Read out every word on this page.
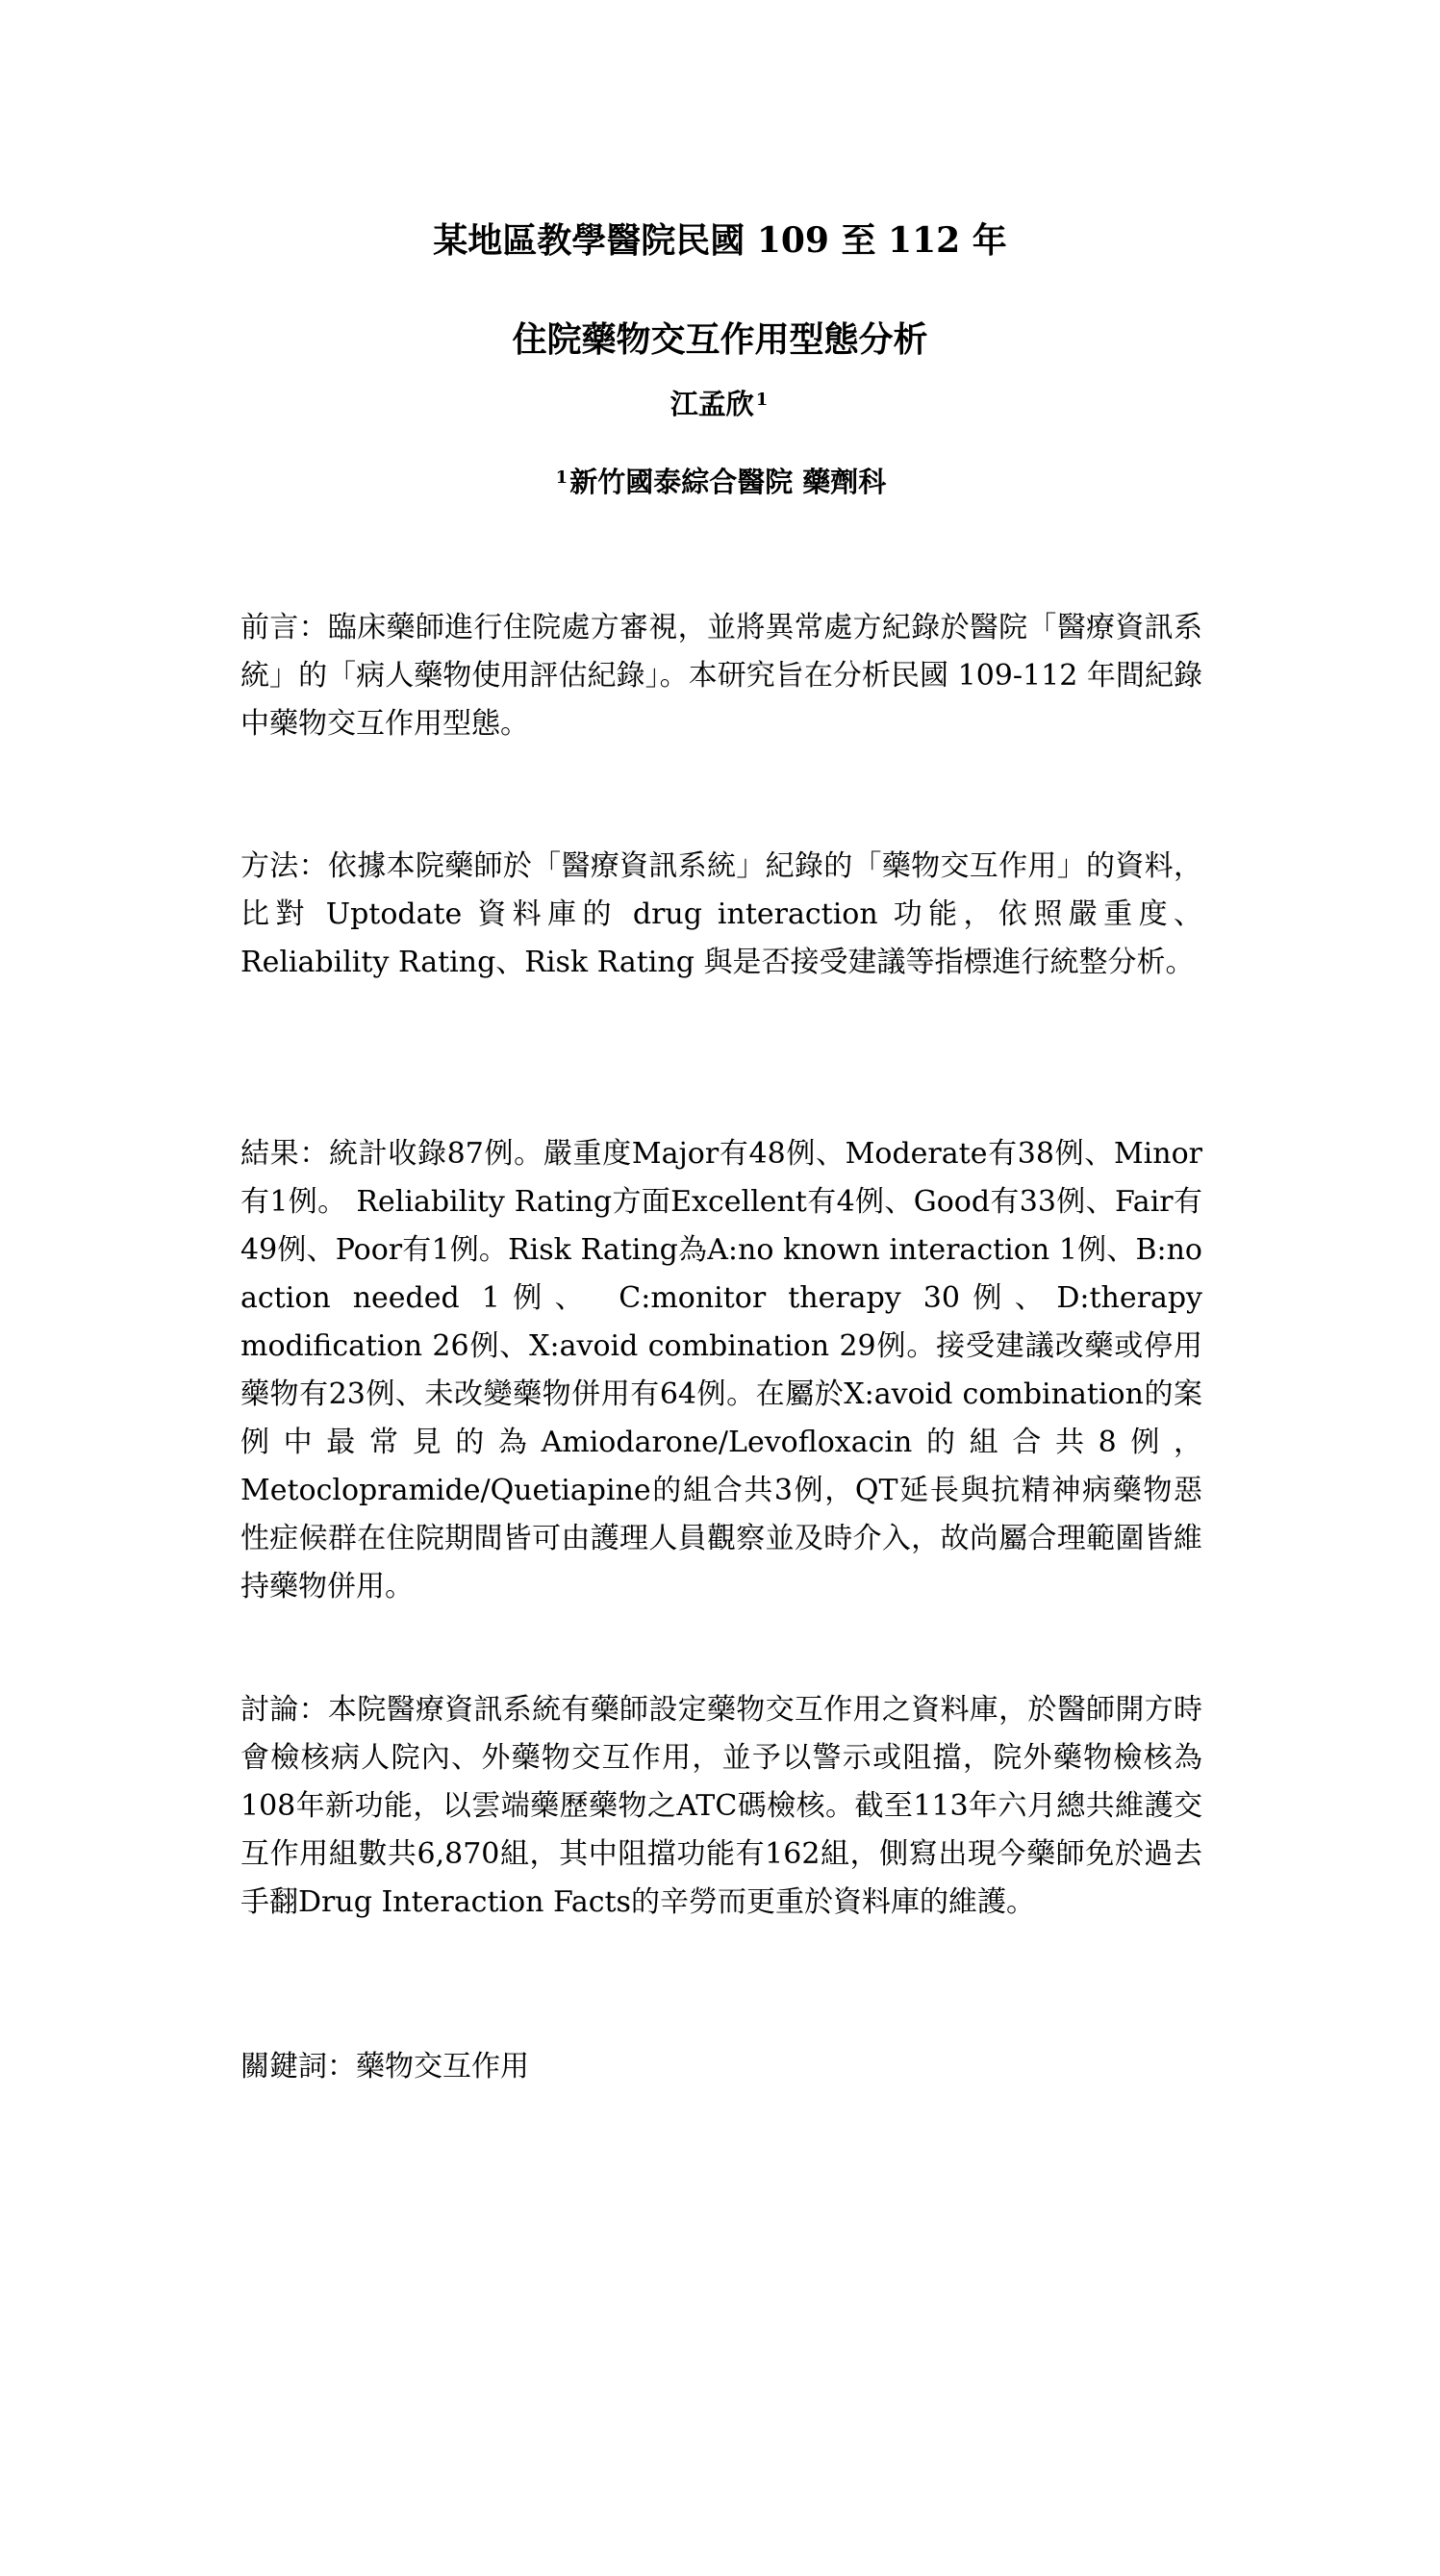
某地區教學醫院民國 109 至 112 年
住院藥物交互作用型態分析

江孟欣 $^1$

$^1$新竹國泰綜合醫院 藥劑科

前言：臨床藥師進行住院處方審視，並將異常處方紀錄於醫院「醫療資訊系統」的「病人藥物使用評估紀錄」。本研究旨在分析民國 109-112 年間紀錄中藥物交互作用型態。

方法：依據本院藥師於「醫療資訊系統」紀錄的「藥物交互作用」的資料，比對 Uptodate 資料庫的 drug interaction 功能，依照嚴重度、Reliability Rating、Risk Rating 與是否接受建議等指標進行統整分析。

結果：統計收錄87例。嚴重度Major有48例、Moderate有38例、Minor有1例。 Reliability Rating方面Excellent有4例、Good有33例、Fair有49例、Poor有1例。Risk Rating為A:no known interaction 1例、B:no action needed 1例、 C:monitor therapy 30例、D:therapy modification 26例、X:avoid combination 29例。接受建議改藥或停用藥物有23例、未改變藥物併用有64例。在屬於X:avoid combination的案例中最常見的為Amiodarone/Levofloxacin的組合共8例，Metoclopramide/Quetiapine的組合共3例，QT延長與抗精神病藥物惡性症候群在住院期間皆可由護理人員觀察並及時介入，故尚屬合理範圍皆維持藥物併用。

討論：本院醫療資訊系統有藥師設定藥物交互作用之資料庫，於醫師開方時會檢核病人院內、外藥物交互作用，並予以警示或阻擋，院外藥物檢核為108年新功能，以雲端藥歷藥物之ATC碼檢核。截至113年六月總共維護交互作用組數共6,870組，其中阻擋功能有162組，側寫出現今藥師免於過去手翻Drug Interaction Facts的辛勞而更重於資料庫的維護。

關鍵詞：藥物交互作用
